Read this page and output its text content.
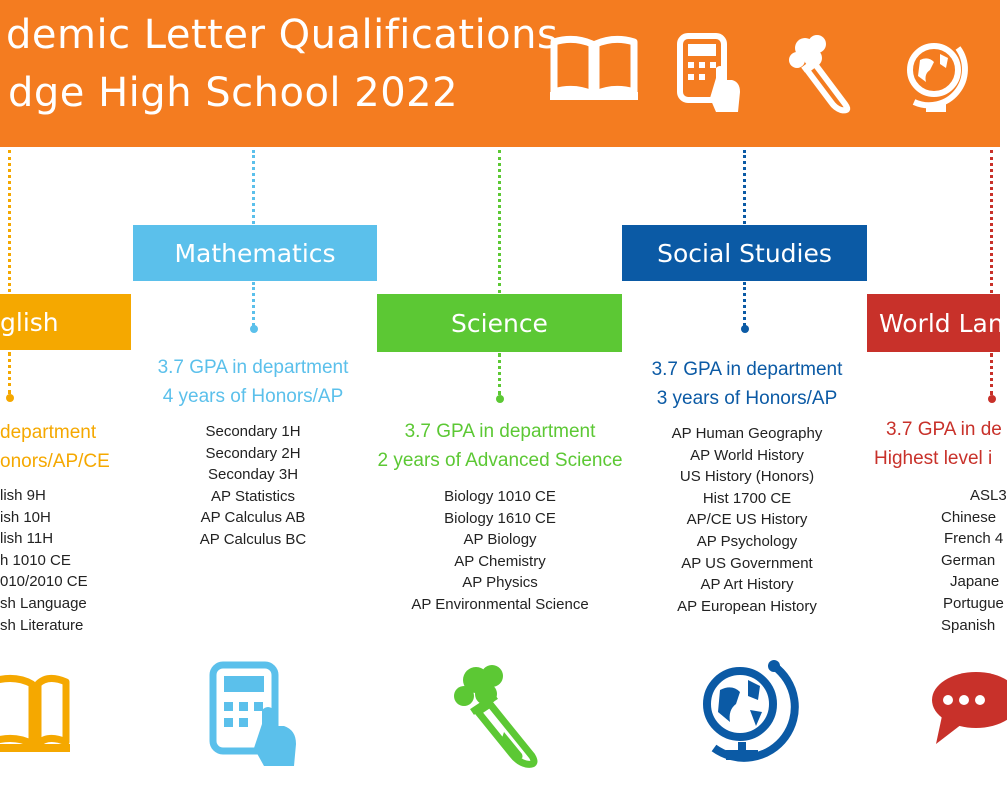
demic Letter Qualifications
dge High School 2022
glish
department
onors/AP/CE
lish 9H
ish 10H
lish 11H
h 1010 CE
010/2010 CE
sh Language
sh Literature
Mathematics
3.7 GPA in department
4 years of Honors/AP
Secondary 1H
Secondary 2H
Seconday 3H
AP Statistics
AP Calculus AB
AP Calculus BC
Science
3.7 GPA in department
2 years of Advanced Science
Biology 1010 CE
Biology 1610 CE
AP Biology
AP Chemistry
AP Physics
AP Environmental Science
Social Studies
3.7 GPA in department
3 years of Honors/AP
AP Human Geography
AP World History
US History (Honors)
Hist 1700 CE
AP/CE US History
AP Psychology
AP US Government
AP Art History
AP European History
World Lan
3.7 GPA in de
Highest level i
ASL3
Chinese
French 4
German
Japane
Portugue
Spanish
